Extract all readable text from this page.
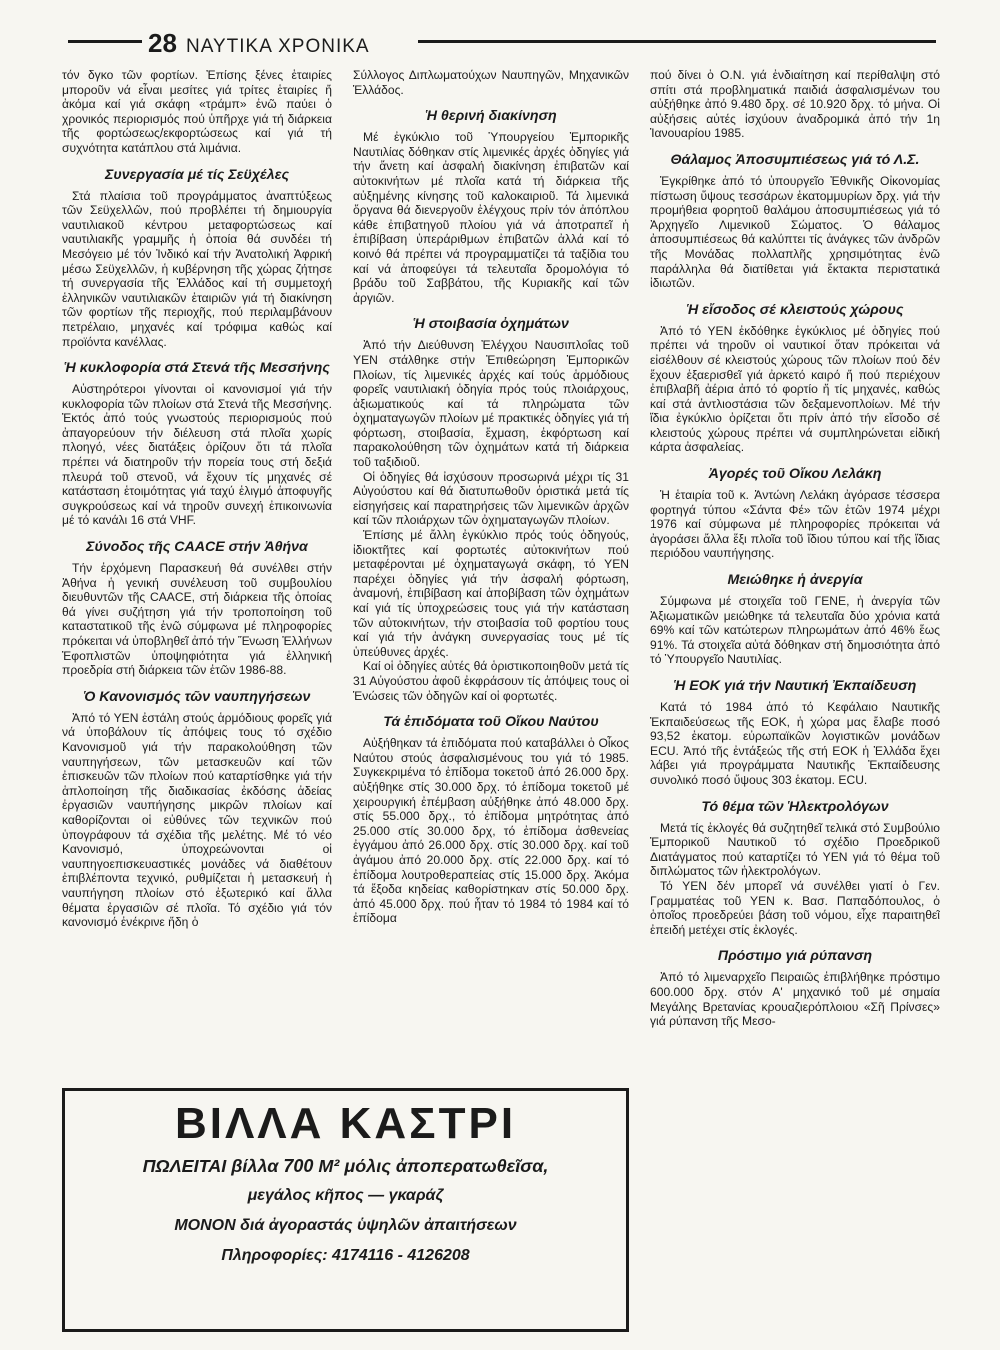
28 ΝΑΥΤΙΚΑ ΧΡΟΝΙΚΑ

τόν δγκο τῶν φορτίων. Ἐπίσης ξένες ἑταιρίες μποροῦν νά εἶναι μεσίτες γιά τρίτες ἑταιρίες ἤ ἀκόμα καί γιά σκάφη «τράμπ» ἐνῶ παύει ὁ χρονικός περιορισμός πού ὑπῆρχε γιά τή διάρκεια τῆς φορτώσεως/εκφορτώσεως καί γιά τή συχνότητα κατάπλου στά λιμάνια.

Συνεργασία μέ τίς Σεϋχέλες

Στά πλαίσια τοῦ προγράμματος ἀναπτύξεως τῶν Σεϋχελλῶν, πού προβλέπει τή δημιουργία ναυτιλιακοῦ κέντρου μεταφορτώσεως καί ναυτιλιακῆς γραμμῆς ἡ ὁποία θά συνδέει τή Μεσόγειο μέ τόν Ἰνδικό καί τήν Ἀνατολική Ἀφρική μέσω Σεϋχελλῶν, ἡ κυβέρνηση τῆς χώρας ζήτησε τή συνεργασία τῆς Ἑλλάδος καί τή συμμετοχή ἑλληνικῶν ναυτιλιακῶν ἑταιριῶν γιά τή διακίνηση τῶν φορτίων τῆς περιοχῆς, πού περιλαμβάνουν πετρέλαιο, μηχανές καί τρόφιμα καθώς καί προϊόντα κανέλλας.

Ἡ κυκλοφορία στά Στενά τῆς Μεσσήνης

Αὐστηρότεροι γίνονται οἱ κανονισμοί γιά τήν κυκλοφορία τῶν πλοίων στά Στενά τῆς Μεσσήνης. Ἐκτός ἀπό τούς γνωστούς περιορισμούς πού ἀπαγορεύουν τήν διέλευση στά πλοῖα χωρίς πλοηγό, νέες διατάξεις ὁρίζουν ὅτι τά πλοῖα πρέπει νά διατηροῦν τήν πορεία τους στή δεξιά πλευρά τοῦ στενοῦ, νά ἔχουν τίς μηχανές σέ κατάσταση ἑτοιμότητας γιά ταχύ ἑλιγμό ἀποφυγῆς συγκρούσεως καί νά τηροῦν συνεχή ἐπικοινωνία μέ τό κανάλι 16 στά VHF.

Σύνοδος τῆς CAACE στήν Ἀθήνα

Τήν ἐρχόμενη Παρασκευή θά συνέλθει στήν Ἀθήνα ἡ γενική συνέλευση τοῦ συμβουλίου διευθυντῶν τῆς CAACE, στή διάρκεια τῆς ὁποίας θά γίνει συζήτηση γιά τήν τροποποίηση τοῦ καταστατικοῦ τῆς ἐνῶ σύμφωνα μέ πληροφορίες πρόκειται νά ὑποβληθεῖ ἀπό τήν Ἕνωση Ἑλλήνων Ἐφοπλιστῶν ὑποψηφιότητα γιά ἑλληνική προεδρία στή διάρκεια τῶν ἐτῶν 1986-88.

Ὁ Κανονισμός τῶν ναυπηγήσεων

Ἀπό τό ΥΕΝ ἐστάλη στούς ἁρμόδιους φορεῖς γιά νά ὑποβάλουν τίς ἀπόψεις τους τό σχέδιο Κανονισμοῦ γιά τήν παρακολούθηση τῶν ναυπηγήσεων, τῶν μετασκευῶν καί τῶν ἐπισκευῶν τῶν πλοίων πού καταρτίσθηκε γιά τήν ἁπλοποίηση τῆς διαδικασίας ἐκδόσης ἀδείας ἐργασιῶν ναυπήγησης μικρῶν πλοίων καί καθορίζονται οἱ εὐθύνες τῶν τεχνικῶν πού ὑπογράφουν τά σχέδια τῆς μελέτης. Μέ τό νέο Κανονισμό, ὑποχρεώνονται οἱ ναυπηγοεπισκευαστικές μονάδες νά διαθέτουν ἐπιβλέποντα τεχνικό, ρυθμίζεται ἡ μετασκευή ἡ ναυπήγηση πλοίων στό ἐξωτερικό καί ἄλλα θέματα ἐργασιῶν σέ πλοῖα. Τό σχέδιο γιά τόν κανονισμό ἐνέκρινε ἤδη ὁ

Σύλλογος Διπλωματούχων Ναυπηγῶν, Μηχανικῶν Ἑλλάδος.

Ἡ θερινή διακίνηση

Μέ ἐγκύκλιο τοῦ Ὑπουργείου Ἐμπορικῆς Ναυτιλίας δόθηκαν στίς λιμενικές ἀρχές ὁδηγίες γιά τήν ἄνετη καί ἀσφαλή διακίνηση ἐπιβατῶν καί αὐτοκινήτων μέ πλοῖα κατά τή διάρκεια τῆς αὐξημένης κίνησης τοῦ καλοκαιριοῦ. Τά λιμενικά ὄργανα θά διενεργοῦν ἐλέγχους πρίν τόν ἀπόπλου κάθε ἐπιβατηγοῦ πλοίου γιά νά ἀποτραπεῖ ἡ ἐπιβίβαση ὑπεράριθμων ἐπιβατῶν ἀλλά καί τό κοινό θά πρέπει νά προγραμματίζει τά ταξίδια του καί νά ἀποφεύγει τά τελευταῖα δρομολόγια τό βράδυ τοῦ Σαββάτου, τῆς Κυριακῆς καί τῶν ἀργιῶν.

Ἡ στοιβασία ὀχημάτων

Ἀπό τήν Διεύθυνση Ἐλέγχου Ναυσιπλοΐας τοῦ ΥΕΝ στάλθηκε στήν Ἐπιθεώρηση Ἐμπορικῶν Πλοίων, τίς λιμενικές ἀρχές καί τούς ἁρμόδιους φορεῖς ναυτιλιακή ὁδηγία πρός τούς πλοιάρχους, ἀξιωματικούς καί τά πληρώματα τῶν ὀχηματαγωγῶν πλοίων μέ πρακτικές ὁδηγίες γιά τή φόρτωση, στοιβασία, ἔχμαση, ἐκφόρτωση καί παρακολούθηση τῶν ὀχημάτων κατά τή διάρκεια τοῦ ταξιδιοῦ.

Οἱ ὁδηγίες θά ἰσχύσουν προσωρινά μέχρι τίς 31 Αὐγούστου καί θά διατυπωθοῦν ὁριστικά μετά τίς εἰσηγήσεις καί παρατηρήσεις τῶν λιμενικῶν ἀρχῶν καί τῶν πλοιάρχων τῶν ὀχηματαγωγῶν πλοίων.

Ἐπίσης μέ ἄλλη ἐγκύκλιο πρός τούς ὁδηγούς, ἰδιοκτῆτες καί φορτωτές αὐτοκινήτων πού μεταφέρονται μέ ὀχηματαγωγά σκάφη, τό ΥΕΝ παρέχει ὁδηγίες γιά τήν ἀσφαλή φόρτωση, ἀναμονή, ἐπιβίβαση καί ἀποβίβαση τῶν ὀχημάτων καί γιά τίς ὑποχρεώσεις τους γιά τήν κατάσταση τῶν αὐτοκινήτων, τήν στοιβασία τοῦ φορτίου τους καί γιά τήν ἀνάγκη συνεργασίας τους μέ τίς ὑπεύθυνες ἀρχές.

Καί οἱ ὁδηγίες αὐτές θά ὁριστικοποιηθοῦν μετά τίς 31 Αὐγούστου ἀφοῦ ἐκφράσουν τίς ἀπόψεις τους οἱ Ἑνώσεις τῶν ὁδηγῶν καί οἱ φορτωτές.

Τά ἐπιδόματα τοῦ Οἴκου Ναύτου

Αὐξήθηκαν τά ἐπιδόματα πού καταβάλλει ὁ Οἶκος Ναύτου στούς ἀσφαλισμένους του γιά τό 1985. Συγκεκριμένα τό ἐπίδομα τοκετοῦ ἀπό 26.000 δρχ. αὐξήθηκε στίς 30.000 δρχ. τό ἐπίδομα τοκετοῦ μέ χειρουργική ἐπέμβαση αὐξήθηκε ἀπό 48.000 δρχ. στίς 55.000 δρχ., τό ἐπίδομα μητρότητας ἀπό 25.000 στίς 30.000 δρχ, τό ἐπίδομα ἀσθενείας ἐγγάμου ἀπό 26.000 δρχ. στίς 30.000 δρχ. καί τοῦ ἀγάμου ἀπό 20.000 δρχ. στίς 22.000 δρχ. καί τό ἐπίδομα λουτροθεραπείας στίς 15.000 δρχ. Ἀκόμα τά ἔξοδα κηδείας καθορίστηκαν στίς 50.000 δρχ. ἀπό 45.000 δρχ. πού ἦταν τό 1984 τό 1984 καί τό ἐπίδομα

πού δίνει ὁ Ο.Ν. γιά ἐνδιαίτηση καί περίθαλψη στό σπίτι στά προβληματικά παιδιά ἀσφαλισμένων του αὐξήθηκε ἀπό 9.480 δρχ. σέ 10.920 δρχ. τό μήνα. Οἱ αὐξήσεις αὐτές ἰσχύουν ἀναδρομικά ἀπό τήν 1η Ἰανουαρίου 1985.

Θάλαμος Ἀποσυμπιέσεως γιά τό Λ.Σ.

Ἐγκρίθηκε ἀπό τό ὑπουργεῖο Ἐθνικῆς Οἰκονομίας πίστωση ὕψους τεσσάρων ἑκατομμυρίων δρχ. γιά τήν προμήθεια φορητοῦ θαλάμου ἀποσυμπιέσεως γιά τό Ἀρχηγεῖο Λιμενικοῦ Σώματος. Ὁ θάλαμος ἀποσυμπιέσεως θά καλύπτει τίς ἀνάγκες τῶν ἀνδρῶν τῆς Μονάδας πολλαπλῆς χρησιμότητας ἐνῶ παράλληλα θά διατίθεται γιά ἔκτακτα περιστατικά ἰδιωτῶν.

Ἡ εἴσοδος σέ κλειστούς χώρους

Ἀπό τό ΥΕΝ ἐκδόθηκε ἐγκύκλιος μέ ὁδηγίες πού πρέπει νά τηροῦν οἱ ναυτικοί ὅταν πρόκειται νά εἰσέλθουν σέ κλειστούς χώρους τῶν πλοίων πού δέν ἔχουν ἐξαερισθεῖ γιά ἀρκετό καιρό ἤ πού περιέχουν ἐπιβλαβῆ ἀέρια ἀπό τό φορτίο ἤ τίς μηχανές, καθώς καί στά ἀντλιοστάσια τῶν δεξαμενοπλοίων. Μέ τήν ἴδια ἐγκύκλιο ὁρίζεται ὅτι πρίν ἀπό τήν εἴσοδο σέ κλειστούς χώρους πρέπει νά συμπληρώνεται εἰδική κάρτα ἀσφαλείας.

Ἀγορές τοῦ Οἴκου Λελάκη

Ἡ ἑταιρία τοῦ κ. Ἀντώνη Λελάκη ἀγόρασε τέσσερα φορτηγά τύπου «Σάντα Φέ» τῶν ἐτῶν 1974 μέχρι 1976 καί σύμφωνα μέ πληροφορίες πρόκειται νά ἀγοράσει ἄλλα ἕξι πλοῖα τοῦ ἴδιου τύπου καί τῆς ἴδιας περιόδου ναυπήγησης.

Μειώθηκε ἡ ἀνεργία

Σύμφωνα μέ στοιχεῖα τοῦ ΓΕΝΕ, ἡ ἀνεργία τῶν Ἀξιωματικῶν μειώθηκε τά τελευταῖα δύο χρόνια κατά 69% καί τῶν κατώτερων πληρωμάτων ἀπό 46% ἕως 91%. Τά στοιχεῖα αὐτά δόθηκαν στή δημοσιότητα ἀπό τό Ὑπουργεῖο Ναυτιλίας.

Ἡ ΕΟΚ γιά τήν Ναυτική Ἐκπαίδευση

Κατά τό 1984 ἀπό τό Κεφάλαιο Ναυτικῆς Ἐκπαιδεύσεως τῆς ΕΟΚ, ἡ χώρα μας ἔλαβε ποσό 93,52 ἑκατομ. εὐρωπαϊκῶν λογιστικῶν μονάδων ECU. Ἀπό τῆς ἐντάξεώς τῆς στή ΕΟΚ ἡ Ἑλλάδα ἔχει λάβει γιά προγράμματα Ναυτικῆς Ἐκπαίδευσης συνολικό ποσό ὕψους 303 ἑκατομ. ECU.

Τό θέμα τῶν Ἡλεκτρολόγων

Μετά τίς ἐκλογές θά συζητηθεῖ τελικά στό Συμβούλιο Ἐμπορικοῦ Ναυτικοῦ τό σχέδιο Προεδρικοῦ Διατάγματος πού καταρτίζει τό ΥΕΝ γιά τό θέμα τοῦ διπλώματος τῶν ἠλεκτρολόγων.

Τό ΥΕΝ δέν μπορεῖ νά συνέλθει γιατί ὁ Γεν. Γραμματέας τοῦ ΥΕΝ κ. Βασ. Παπαδόπουλος, ὁ ὁποῖος προεδρεύει βάση τοῦ νόμου, εἶχε παραιτηθεῖ ἐπειδή μετέχει στίς ἐκλογές.

Πρόστιμο γιά ρύπανση

Ἀπό τό λιμεναρχεῖο Πειραιῶς ἐπιβλήθηκε πρόστιμο 600.000 δρχ. στόν Α' μηχανικό τοῦ μέ σημαία Μεγάλης Βρετανίας κρουαζιερόπλοιου «Σῆ Πρίνσες» γιά ρύπανση τῆς Μεσο-

ΒΙΛΛΑ ΚΑΣΤΡΙ
ΠΩΛΕΙΤΑΙ βίλλα 700 Μ² μόλις ἀποπερατωθεῖσα,
μεγάλος κῆπος — γκαράζ
ΜΟΝΟΝ διά ἀγοραστάς ὑψηλῶν ἀπαιτήσεων
Πληροφορίες: 4174116 - 4126208
